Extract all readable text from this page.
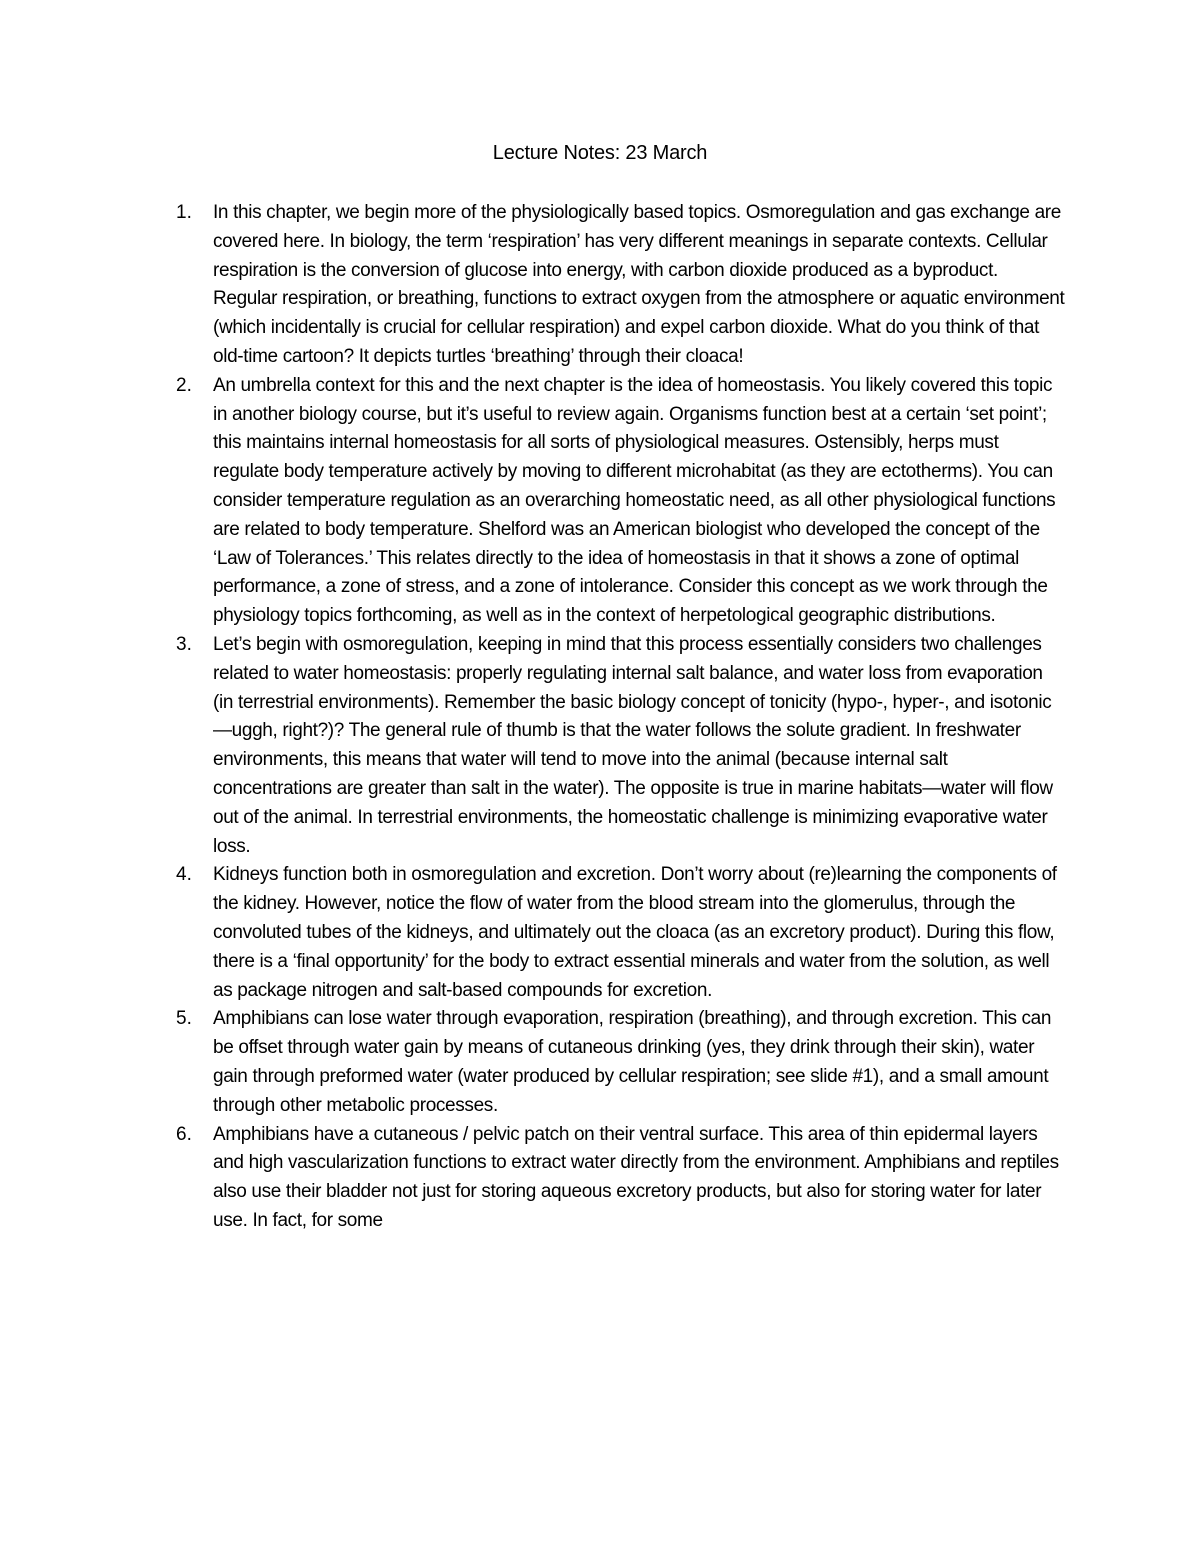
Lecture Notes: 23 March
1. In this chapter, we begin more of the physiologically based topics. Osmoregulation and gas exchange are covered here. In biology, the term ‘respiration’ has very different meanings in separate contexts. Cellular respiration is the conversion of glucose into energy, with carbon dioxide produced as a byproduct. Regular respiration, or breathing, functions to extract oxygen from the atmosphere or aquatic environment (which incidentally is crucial for cellular respiration) and expel carbon dioxide. What do you think of that old-time cartoon? It depicts turtles ‘breathing’ through their cloaca!
2. An umbrella context for this and the next chapter is the idea of homeostasis. You likely covered this topic in another biology course, but it’s useful to review again. Organisms function best at a certain ‘set point’; this maintains internal homeostasis for all sorts of physiological measures. Ostensibly, herps must regulate body temperature actively by moving to different microhabitat (as they are ectotherms). You can consider temperature regulation as an overarching homeostatic need, as all other physiological functions are related to body temperature. Shelford was an American biologist who developed the concept of the ‘Law of Tolerances.’ This relates directly to the idea of homeostasis in that it shows a zone of optimal performance, a zone of stress, and a zone of intolerance. Consider this concept as we work through the physiology topics forthcoming, as well as in the context of herpetological geographic distributions.
3. Let’s begin with osmoregulation, keeping in mind that this process essentially considers two challenges related to water homeostasis: properly regulating internal salt balance, and water loss from evaporation (in terrestrial environments). Remember the basic biology concept of tonicity (hypo-, hyper-, and isotonic—uggh, right?)? The general rule of thumb is that the water follows the solute gradient. In freshwater environments, this means that water will tend to move into the animal (because internal salt concentrations are greater than salt in the water). The opposite is true in marine habitats—water will flow out of the animal. In terrestrial environments, the homeostatic challenge is minimizing evaporative water loss.
4. Kidneys function both in osmoregulation and excretion. Don’t worry about (re)learning the components of the kidney. However, notice the flow of water from the blood stream into the glomerulus, through the convoluted tubes of the kidneys, and ultimately out the cloaca (as an excretory product). During this flow, there is a ‘final opportunity’ for the body to extract essential minerals and water from the solution, as well as package nitrogen and salt-based compounds for excretion.
5. Amphibians can lose water through evaporation, respiration (breathing), and through excretion. This can be offset through water gain by means of cutaneous drinking (yes, they drink through their skin), water gain through preformed water (water produced by cellular respiration; see slide #1), and a small amount through other metabolic processes.
6. Amphibians have a cutaneous / pelvic patch on their ventral surface. This area of thin epidermal layers and high vascularization functions to extract water directly from the environment. Amphibians and reptiles also use their bladder not just for storing aqueous excretory products, but also for storing water for later use. In fact, for some
